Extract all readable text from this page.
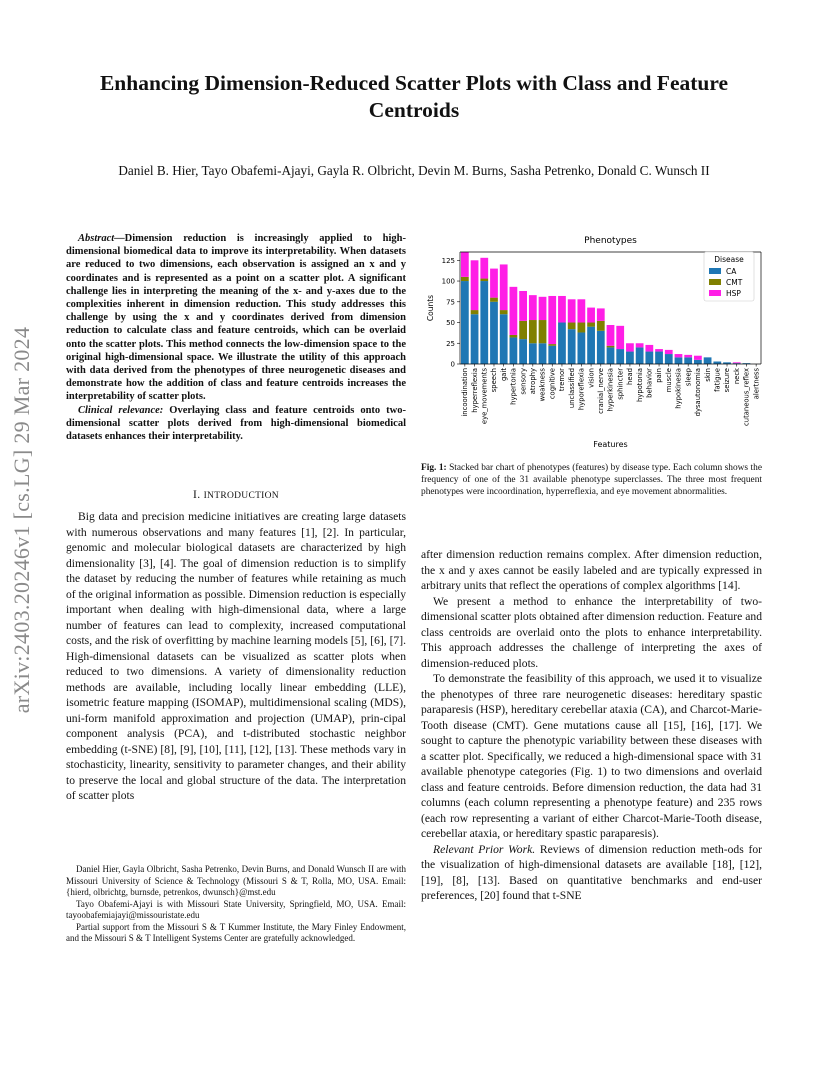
Enhancing Dimension-Reduced Scatter Plots with Class and Feature
Centroids
Daniel B. Hier, Tayo Obafemi-Ajayi, Gayla R. Olbricht, Devin M. Burns, Sasha Petrenko, Donald C. Wunsch II
arXiv:2403.20246v1 [cs.LG] 29 Mar 2024

Abstract—Dimension reduction is increasingly applied to high-dimensional biomedical data to improve its interpretability. When datasets are reduced to two dimensions, each observation is assigned an x and y coordinates and is represented as a point on a scatter plot. A significant challenge lies in interpreting the meaning of the x- and y-axes due to the complexities inherent in dimension reduction. This study addresses this challenge by using the x and y coordinates derived from dimension reduction to calculate class and feature centroids, which can be overlaid onto the scatter plots. This method connects the low-dimension space to the original high-dimensional space. We illustrate the utility of this approach with data derived from the phenotypes of three neurogenetic diseases and demonstrate how the addition of class and feature centroids increases the interpretability of scatter plots.

Clinical relevance: Overlaying class and feature centroids onto two-dimensional scatter plots derived from high-dimensional biomedical datasets enhances their interpretability.

I. INTRODUCTION

Big data and precision medicine initiatives are creating large datasets with numerous observations and many features [1], [2]. In particular, genomic and molecular biological datasets are characterized by high dimensionality [3], [4]. The goal of dimension reduction is to simplify the dataset by reducing the number of features while retaining as much of the original information as possible. Dimension reduction is especially important when dealing with high-dimensional data, where a large number of features can lead to complexity, increased computational costs, and the risk of overfitting by machine learning models [5], [6], [7]. High-dimensional datasets can be visualized as scatter plots when reduced to two dimensions. A variety of dimensionality reduction methods are available, including locally linear embedding (LLE), isometric feature mapping (ISOMAP), multidimensional scaling (MDS), uni-form manifold approximation and projection (UMAP), prin-cipal component analysis (PCA), and t-distributed stochastic neighbor embedding (t-SNE) [8], [9], [10], [11], [12], [13]. These methods vary in stochasticity, linearity, sensitivity to parameter changes, and their ability to preserve the local and global structure of the data. The interpretation of scatter plots

Daniel Hier, Gayla Olbricht, Sasha Petrenko, Devin Burns, and Donald Wunsch II are with Missouri University of Science & Technology (Missouri S & T, Rolla, MO, USA. Email: {hierd, olbrichtg, burnsde, petrenkos, dwunsch}@mst.edu

Tayo Obafemi-Ajayi is with Missouri State University, Springfield, MO, USA. Email: tayoobafemiajayi@missouristate.edu

Partial support from the Missouri S & T Kummer Institute, the Mary Finley Endowment, and the Missouri S & T Intelligent Systems Center are gratefully acknowledged.

Phenotypes
0
25
50
75
100
125
incoordination hyperreflexia eye_movements speech gait hypertonia sensory atrophy weakness cognitive tremor unclassified hyporeflexia vision cranial_nerve hyperkinesia sphincter head hypotonia behavior pain muscle hypokinesia sleep dysautonomia skin fatigue seizure neck cutaneous_reflex alertness
Counts
Features
Disease
CA
CMT
HSP
Fig. 1: Stacked bar chart of phenotypes (features) by disease type. Each column shows the frequency of one of the 31 available phenotype superclasses. The three most frequent phenotypes were incoordination, hyperreflexia, and eye movement abnormalities.

after dimension reduction remains complex. After dimension reduction, the x and y axes cannot be easily labeled and are typically expressed in arbitrary units that reflect the operations of complex algorithms [14].

We present a method to enhance the interpretability of two-dimensional scatter plots obtained after dimension reduction. Feature and class centroids are overlaid onto the plots to enhance interpretability. This approach addresses the challenge of interpreting the axes of dimension-reduced plots.

To demonstrate the feasibility of this approach, we used it to visualize the phenotypes of three rare neurogenetic diseases: hereditary spastic paraparesis (HSP), hereditary cerebellar ataxia (CA), and Charcot-Marie-Tooth disease (CMT). Gene mutations cause all [15], [16], [17]. We sought to capture the phenotypic variability between these diseases with a scatter plot. Specifically, we reduced a high-dimensional space with 31 available phenotype categories (Fig. 1) to two dimensions and overlaid class and feature centroids. Before dimension reduction, the data had 31 columns (each column representing a phenotype feature) and 235 rows (each row representing a variant of either Charcot-Marie-Tooth disease, cerebellar ataxia, or hereditary spastic paraparesis).

Relevant Prior Work. Reviews of dimension reduction meth-ods for the visualization of high-dimensional datasets are available [18], [12], [19], [8], [13]. Based on quantitative benchmarks and end-user preferences, [20] found that t-SNE
